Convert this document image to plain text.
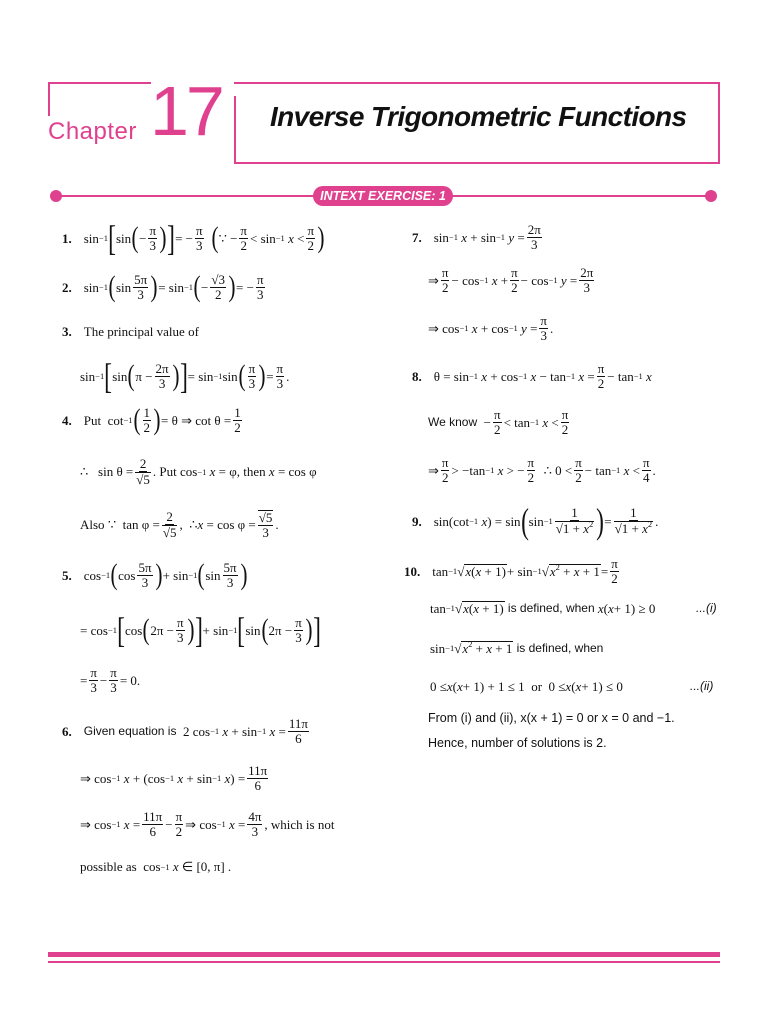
Chapter 17 Inverse Trigonometric Functions
INTEXT EXERCISE: 1
1. sin −1 [ sin ( −
π
3 ) ] = −
π
3 ( ∵ −
π
2 < sin −1 x <
π
2 )
2. sin −1 ( sin
5π
3 ) = sin −1 ( −
√3
2 ) = −
π
3
3. The principal value of
sin −1 [ sin ( π −
2π
3 ) ] = sin −1 sin ( π
3 ) =
π
3 .
4. Put cot −1 ( 1
2 ) = θ ⇒ cot θ =
1
2
∴   sin θ =
2
√5 . Put cos −1 x = φ , then
x = cos φ
Also ∵  tan φ =
2
√5 ,  ∴ x = cos φ = √5
3 .
5. cos −1 ( cos
5π
3 ) + sin −1 ( sin
5π
3 )
= cos −1 [ cos ( 2π −
π
3 ) ] + sin −1 [ sin ( 2π −
π
3 ) ]
=
π
3 −
π
3 = 0.
6. Given equation is 2 cos −1 x + sin −1 x =
11π
6
⇒ cos −1 x + (cos −1 x + sin −1 x ) =
11π
6
⇒ cos −1 x =
11π
6 −
π
2 ⇒ cos −1 x =
4π
3 , which is not
possible as cos −1 x ∈ [0, π] .
7. sin −1 x + sin −1 y =
2π
3
⇒
π
2 − cos −1 x +
π
2 − cos −1 y =
2π
3
⇒ cos −1 x + cos −1 y =
π
3 .
8. θ = sin −1 x + cos −1 x − tan −1 x =
π
2 − tan −1 x
We know −
π
2 < tan −1 x <
π
2
⇒
π
2 > −tan −1 x > −
π
2 ∴ 0 <
π
2 − tan −1 x <
π
4 .
9. sin(cot −1 x ) = sin ( sin −1
1
$√1 + x^2$ ) =
1
$√1 + x^2$ .
10. tan −1 √ x(x + 1) + sin −1 √ $x^2 + x + 1$ =
π
2
tan −1 √ x(x + 1)
is defined, when
x ( x + 1) ≥ 0	...(i)
sin −1 √ $x^2 + x + 1$
is defined, when
0 ≤ x ( x + 1) + 1 ≤ 1 or 0 ≤ x ( x + 1) ≤ 0	...(ii)
From (i) and (ii), x(x + 1) = 0 or x = 0 and −1.
Hence, number of solutions is 2.
